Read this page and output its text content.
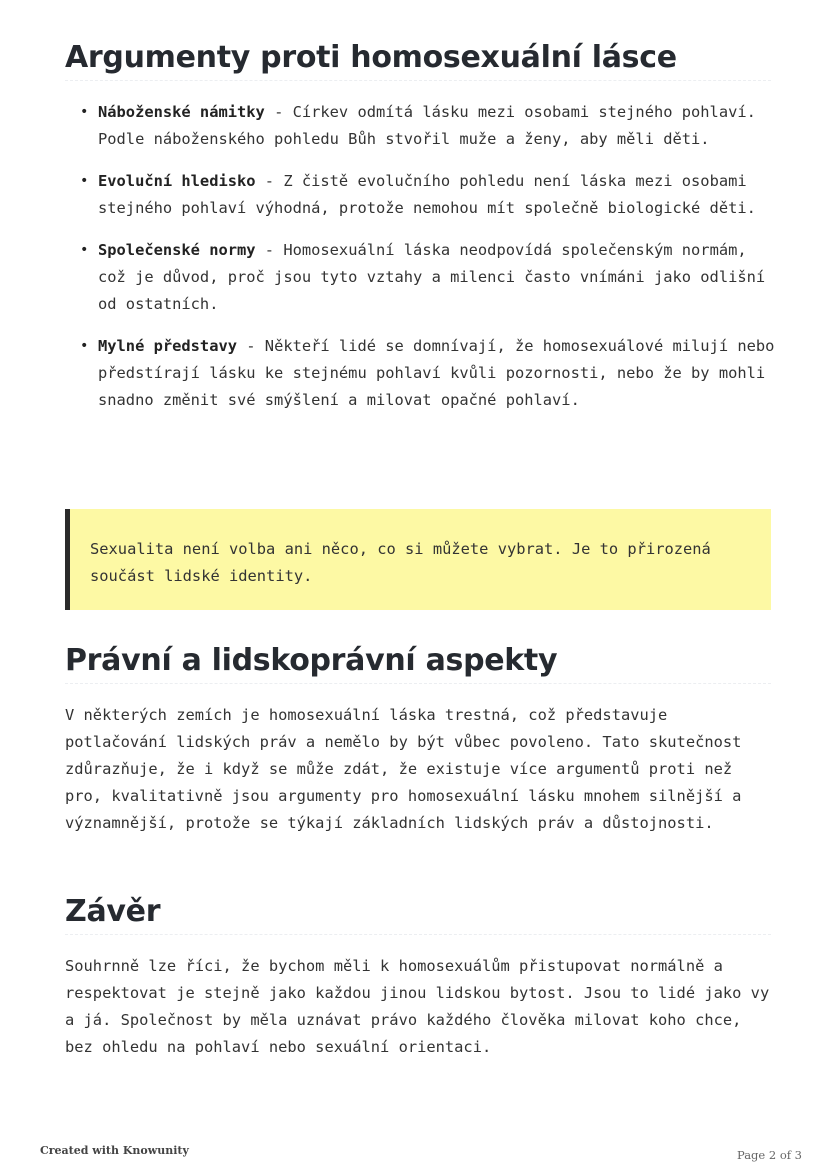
Argumenty proti homosexuální lásce
• Náboženské námitky - Církev odmítá lásku mezi osobami stejného pohlaví. Podle náboženského pohledu Bůh stvořil muže a ženy, aby měli děti.
• Evoluční hledisko - Z čistě evolučního pohledu není láska mezi osobami stejného pohlaví výhodná, protože nemohou mít společně biologické děti.
• Společenské normy - Homosexuální láska neodpovídá společenským normám, což je důvod, proč jsou tyto vztahy a milenci často vnímáni jako odlišní od ostatních.
• Mylné představy - Někteří lidé se domnívají, že homosexuálové milují nebo předstírají lásku ke stejnému pohlaví kvůli pozornosti, nebo že by mohli snadno změnit své smýšlení a milovat opačné pohlaví.
Sexualita není volba ani něco, co si můžete vybrat. Je to přirozená součást lidské identity.
Právní a lidskoprávní aspekty

V některých zemích je homosexuální láska trestná, což představuje potlačování lidských práv a nemělo by být vůbec povoleno. Tato skutečnost zdůrazňuje, že i když se může zdát, že existuje více argumentů proti než pro, kvalitativně jsou argumenty pro homosexuální lásku mnohem silnější a významnější, protože se týkají základních lidských práv a důstojnosti.

Závěr

Souhrnně lze říci, že bychom měli k homosexuálům přistupovat normálně a respektovat je stejně jako každou jinou lidskou bytost. Jsou to lidé jako vy a já. Společnost by měla uznávat právo každého člověka milovat koho chce, bez ohledu na pohlaví nebo sexuální orientaci.

Created with Knowunity	Page 2 of 3
